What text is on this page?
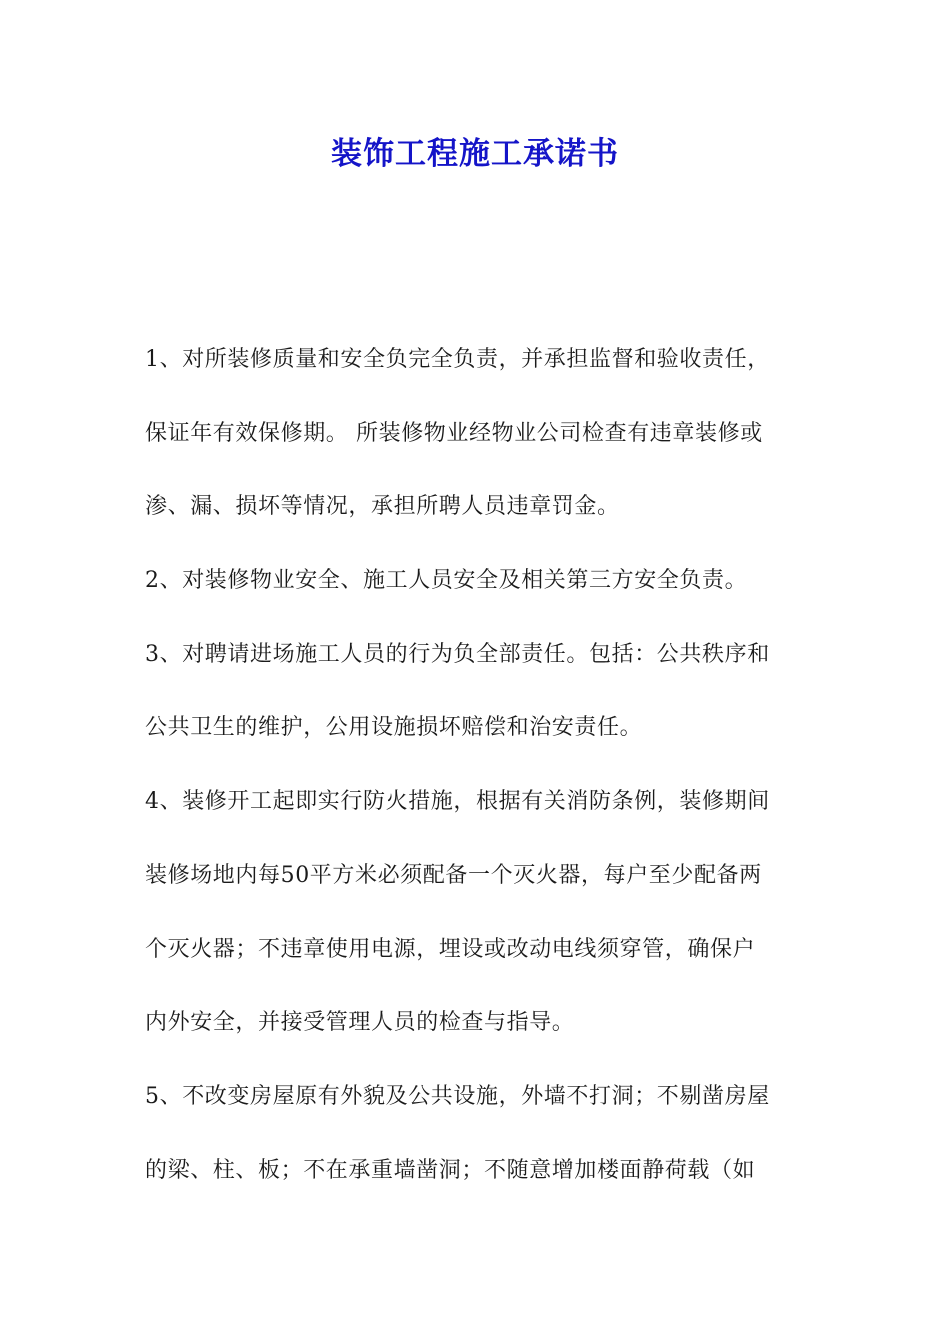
装饰工程施工承诺书
1、对所装修质量和安全负完全负责，并承担监督和验收责任，
保证年有效保修期。 所装修物业经物业公司检查有违章装修或
渗、漏、损坏等情况，承担所聘人员违章罚金。
2、对装修物业安全、施工人员安全及相关第三方安全负责。
3、对聘请进场施工人员的行为负全部责任。包括：公共秩序和
公共卫生的维护，公用设施损坏赔偿和治安责任。
4、装修开工起即实行防火措施，根据有关消防条例，装修期间
装修场地内每50平方米必须配备一个灭火器，每户至少配备两
个灭火器；不违章使用电源，埋设或改动电线须穿管，确保户
内外安全，并接受管理人员的检查与指导。
5、不改变房屋原有外貌及公共设施，外墙不打洞；不剔凿房屋
的梁、柱、板；不在承重墙凿洞；不随意增加楼面静荷载（如
